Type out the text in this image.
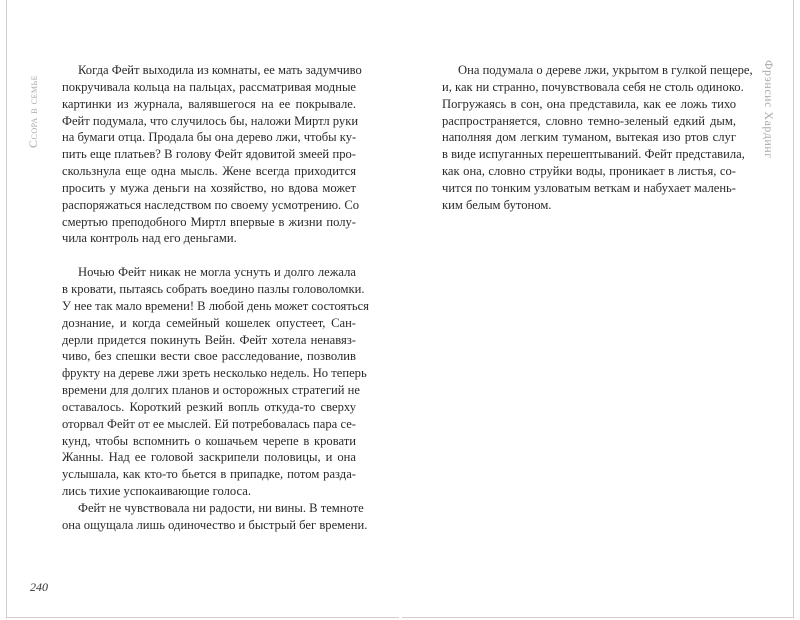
Ссора в семье	Фрэнсис Хардинг
Когда Фейт выходила из комнаты, ее мать задумчиво
покручивала кольца на пальцах, рассматривая модные
картинки из журнала, валявшегося на ее покрывале.
Фейт подумала, что случилось бы, наложи Миртл руки
на бумаги отца. Продала бы она дерево лжи, чтобы ку-
пить еще платьев? В голову Фейт ядовитой змеей про-
скользнула еще одна мысль. Жене всегда приходится
просить у мужа деньги на хозяйство, но вдова может
распоряжаться наследством по своему усмотрению. Со
смертью преподобного Миртл впервые в жизни полу-
чила контроль над его деньгами.
Ночью Фейт никак не могла уснуть и долго лежала
в кровати, пытаясь собрать воедино пазлы головоломки.
У нее так мало времени! В любой день может состояться
дознание, и когда семейный кошелек опустеет, Сан-
дерли придется покинуть Вейн. Фейт хотела ненавяз-
чиво, без спешки вести свое расследование, позволив
фрукту на дереве лжи зреть несколько недель. Но теперь
времени для долгих планов и осторожных стратегий не
оставалось. Короткий резкий вопль откуда-то сверху
оторвал Фейт от ее мыслей. Ей потребовалась пара се-
кунд, чтобы вспомнить о кошачьем черепе в кровати
Жанны. Над ее головой заскрипели половицы, и она
услышала, как кто-то бьется в припадке, потом разда-
лись тихие успокаивающие голоса.
Фейт не чувствовала ни радости, ни вины. В темноте
она ощущала лишь одиночество и быстрый бег времени.
Она подумала о дереве лжи, укрытом в гулкой пещере,
и, как ни странно, почувствовала себя не столь одиноко.
Погружаясь в сон, она представила, как ее ложь тихо
распространяется, словно темно-зеленый едкий дым,
наполняя дом легким туманом, вытекая изо ртов слуг
в виде испуганных перешептываний. Фейт представила,
как она, словно струйки воды, проникает в листья, со-
чится по тонким узловатым веткам и набухает малень-
ким белым бутоном.
240
